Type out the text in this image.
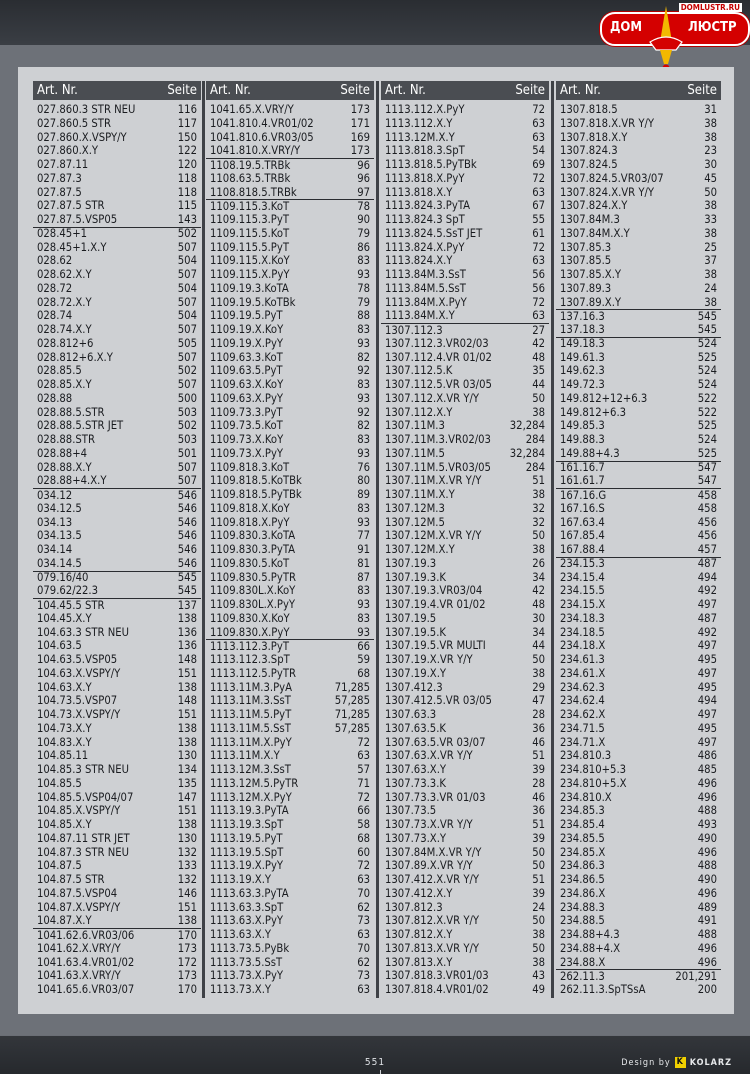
DOMLUSTR.RU
ДОМ	ЛЮСТР
Art. Nr.	Seite
027.860.3 STR NEU	116
027.860.5 STR	117
027.860.X.VSPY/Y	150
027.860.X.Y	122
027.87.11	120
027.87.3	118
027.87.5	118
027.87.5 STR	115
027.87.5.VSP05	143
028.45+1	502
028.45+1.X.Y	507
028.62	504
028.62.X.Y	507
028.72	504
028.72.X.Y	507
028.74	504
028.74.X.Y	507
028.812+6	505
028.812+6.X.Y	507
028.85.5	502
028.85.X.Y	507
028.88	500
028.88.5.STR	503
028.88.5.STR JET	502
028.88.STR	503
028.88+4	501
028.88.X.Y	507
028.88+4.X.Y	507
034.12	546
034.12.5	546
034.13	546
034.13.5	546
034.14	546
034.14.5	546
079.16/40	545
079.62/22.3	545
104.45.5 STR	137
104.45.X.Y	138
104.63.3 STR NEU	136
104.63.5	136
104.63.5.VSP05	148
104.63.X.VSPY/Y	151
104.63.X.Y	138
104.73.5.VSP07	148
104.73.X.VSPY/Y	151
104.73.X.Y	138
104.83.X.Y	138
104.85.11	130
104.85.3 STR NEU	134
104.85.5	135
104.85.5.VSP04/07	147
104.85.X.VSPY/Y	151
104.85.X.Y	138
104.87.11 STR JET	130
104.87.3 STR NEU	132
104.87.5	133
104.87.5 STR	132
104.87.5.VSP04	146
104.87.X.VSPY/Y	151
104.87.X.Y	138
1041.62.6.VR03/06	170
1041.62.X.VRY/Y	173
1041.63.4.VR01/02	172
1041.63.X.VRY/Y	173
1041.65.6.VR03/07	170
Art. Nr.	Seite
1041.65.X.VRY/Y	173
1041.810.4.VR01/02	171
1041.810.6.VR03/05	169
1041.810.X.VRY/Y	173
1108.19.5.TRBk	96
1108.63.5.TRBk	96
1108.818.5.TRBk	97
1109.115.3.KoT	78
1109.115.3.PyT	90
1109.115.5.KoT	79
1109.115.5.PyT	86
1109.115.X.KoY	83
1109.115.X.PyY	93
1109.19.3.KoTA	78
1109.19.5.KoTBk	79
1109.19.5.PyT	88
1109.19.X.KoY	83
1109.19.X.PyY	93
1109.63.3.KoT	82
1109.63.5.PyT	92
1109.63.X.KoY	83
1109.63.X.PyY	93
1109.73.3.PyT	92
1109.73.5.KoT	82
1109.73.X.KoY	83
1109.73.X.PyY	93
1109.818.3.KoT	76
1109.818.5.KoTBk	80
1109.818.5.PyTBk	89
1109.818.X.KoY	83
1109.818.X.PyY	93
1109.830.3.KoTA	77
1109.830.3.PyTA	91
1109.830.5.KoT	81
1109.830.5.PyTR	87
1109.830L.X.KoY	83
1109.830L.X.PyY	93
1109.830.X.KoY	83
1109.830.X.PyY	93
1113.112.3.PyT	66
1113.112.3.SpT	59
1113.112.5.PyTR	68
1113.11M.3.PyA	71,285
1113.11M.3.SsT	57,285
1113.11M.5.PyT	71,285
1113.11M.5.SsT	57,285
1113.11M.X.PyY	72
1113.11M.X.Y	63
1113.12M.3.SsT	57
1113.12M.5.PyTR	71
1113.12M.X.PyY	72
1113.19.3.PyTA	66
1113.19.3.SpT	58
1113.19.5.PyT	68
1113.19.5.SpT	60
1113.19.X.PyY	72
1113.19.X.Y	63
1113.63.3.PyTA	70
1113.63.3.SpT	62
1113.63.X.PyY	73
1113.63.X.Y	63
1113.73.5.PyBk	70
1113.73.5.SsT	62
1113.73.X.PyY	73
1113.73.X.Y	63
Art. Nr.	Seite
1113.112.X.PyY	72
1113.112.X.Y	63
1113.12M.X.Y	63
1113.818.3.SpT	54
1113.818.5.PyTBk	69
1113.818.X.PyY	72
1113.818.X.Y	63
1113.824.3.PyTA	67
1113.824.3 SpT	55
1113.824.5.SsT JET	61
1113.824.X.PyY	72
1113.824.X.Y	63
1113.84M.3.SsT	56
1113.84M.5.SsT	56
1113.84M.X.PyY	72
1113.84M.X.Y	63
1307.112.3	27
1307.112.3.VR02/03	42
1307.112.4.VR 01/02	48
1307.112.5.K	35
1307.112.5.VR 03/05	44
1307.112.X.VR Y/Y	50
1307.112.X.Y	38
1307.11M.3	32,284
1307.11M.3.VR02/03	284
1307.11M.5	32,284
1307.11M.5.VR03/05	284
1307.11M.X.VR Y/Y	51
1307.11M.X.Y	38
1307.12M.3	32
1307.12M.5	32
1307.12M.X.VR Y/Y	50
1307.12M.X.Y	38
1307.19.3	26
1307.19.3.K	34
1307.19.3.VR03/04	42
1307.19.4.VR 01/02	48
1307.19.5	30
1307.19.5.K	34
1307.19.5.VR MULTI	44
1307.19.X.VR Y/Y	50
1307.19.X.Y	38
1307.412.3	29
1307.412.5.VR 03/05	47
1307.63.3	28
1307.63.5.K	36
1307.63.5.VR 03/07	46
1307.63.X.VR Y/Y	51
1307.63.X.Y	39
1307.73.3.K	28
1307.73.3.VR 01/03	46
1307.73.5	36
1307.73.X.VR Y/Y	51
1307.73.X.Y	39
1307.84M.X.VR Y/Y	50
1307.89.X.VR Y/Y	50
1307.412.X.VR Y/Y	51
1307.412.X.Y	39
1307.812.3	24
1307.812.X.VR Y/Y	50
1307.812.X.Y	38
1307.813.X.VR Y/Y	50
1307.813.X.Y	38
1307.818.3.VR01/03	43
1307.818.4.VR01/02	49
Art. Nr.	Seite
1307.818.5	31
1307.818.X.VR Y/Y	38
1307.818.X.Y	38
1307.824.3	23
1307.824.5	30
1307.824.5.VR03/07	45
1307.824.X.VR Y/Y	50
1307.824.X.Y	38
1307.84M.3	33
1307.84M.X.Y	38
1307.85.3	25
1307.85.5	37
1307.85.X.Y	38
1307.89.3	24
1307.89.X.Y	38
137.16.3	545
137.18.3	545
149.18.3	524
149.61.3	525
149.62.3	524
149.72.3	524
149.812+12+6.3	522
149.812+6.3	522
149.85.3	525
149.88.3	524
149.88+4.3	525
161.16.7	547
161.61.7	547
167.16.G	458
167.16.S	458
167.63.4	456
167.85.4	456
167.88.4	457
234.15.3	487
234.15.4	494
234.15.5	492
234.15.X	497
234.18.3	487
234.18.5	492
234.18.X	497
234.61.3	495
234.61.X	497
234.62.3	495
234.62.4	494
234.62.X	497
234.71.5	495
234.71.X	497
234.810.3	486
234.810+5.3	485
234.810+5.X	496
234.810.X	496
234.85.3	488
234.85.4	493
234.85.5	490
234.85.X	496
234.86.3	488
234.86.5	490
234.86.X	496
234.88.3	489
234.88.5	491
234.88+4.3	488
234.88+4.X	496
234.88.X	496
262.11.3	201,291
262.11.3.SpTSsA	200
551	Design by K KOLARZ
